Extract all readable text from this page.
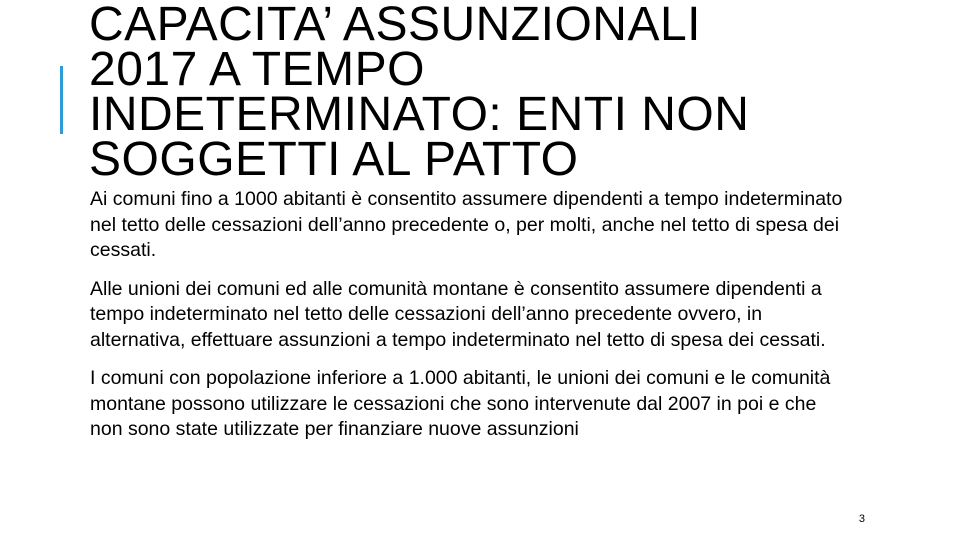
CAPACITA’ ASSUNZIONALI
2017 A TEMPO
INDETERMINATO: ENTI NON
SOGGETTI AL PATTO

Ai comuni fino a 1000 abitanti è consentito assumere dipendenti a tempo indeterminato nel tetto delle cessazioni dell’anno precedente o, per molti, anche nel tetto di spesa dei cessati.

Alle unioni dei comuni ed alle comunità montane è consentito assumere dipendenti a tempo indeterminato nel tetto delle cessazioni dell’anno precedente ovvero, in alternativa, effettuare assunzioni a tempo indeterminato nel tetto di spesa dei cessati.

I comuni con popolazione inferiore a 1.000 abitanti, le unioni dei comuni e le comunità montane possono utilizzare le cessazioni che sono intervenute dal 2007 in poi e che non sono state utilizzate per finanziare nuove assunzioni

3
